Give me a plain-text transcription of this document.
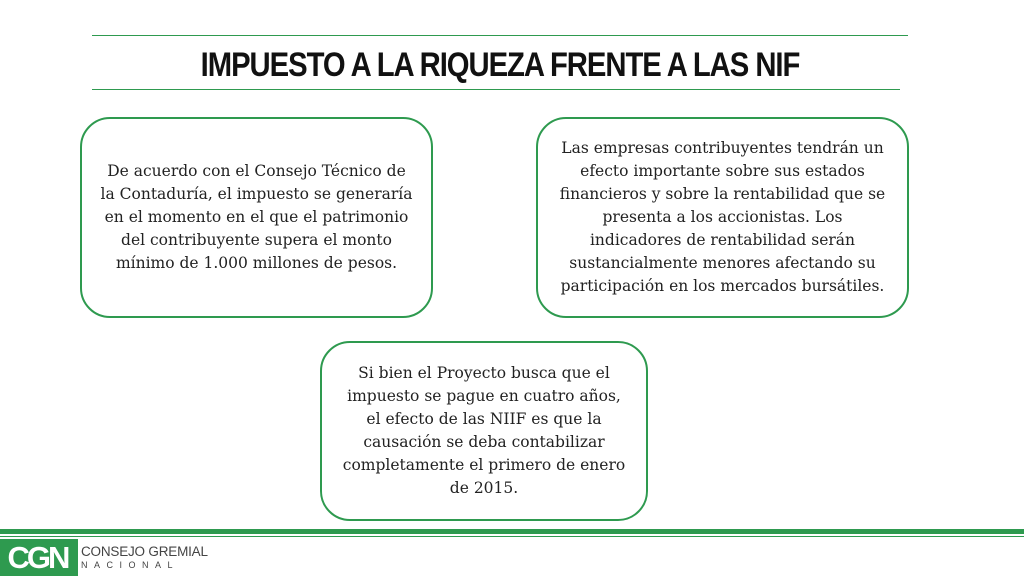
IMPUESTO A LA RIQUEZA FRENTE A LAS NIF
De acuerdo con el Consejo Técnico de la Contaduría, el impuesto se generaría en el momento en el que el patrimonio del contribuyente supera el monto mínimo de 1.000 millones de pesos.
Las empresas contribuyentes tendrán un efecto importante sobre sus estados financieros y sobre la rentabilidad que se presenta a los accionistas. Los indicadores de rentabilidad serán sustancialmente menores afectando su participación en los mercados bursátiles.
Si bien el Proyecto busca que el impuesto se pague en cuatro años, el efecto de las NIIF es que la causación se deba contabilizar completamente el primero de enero de 2015.
CGN	CONSEJO GREMIAL
NACIONAL
